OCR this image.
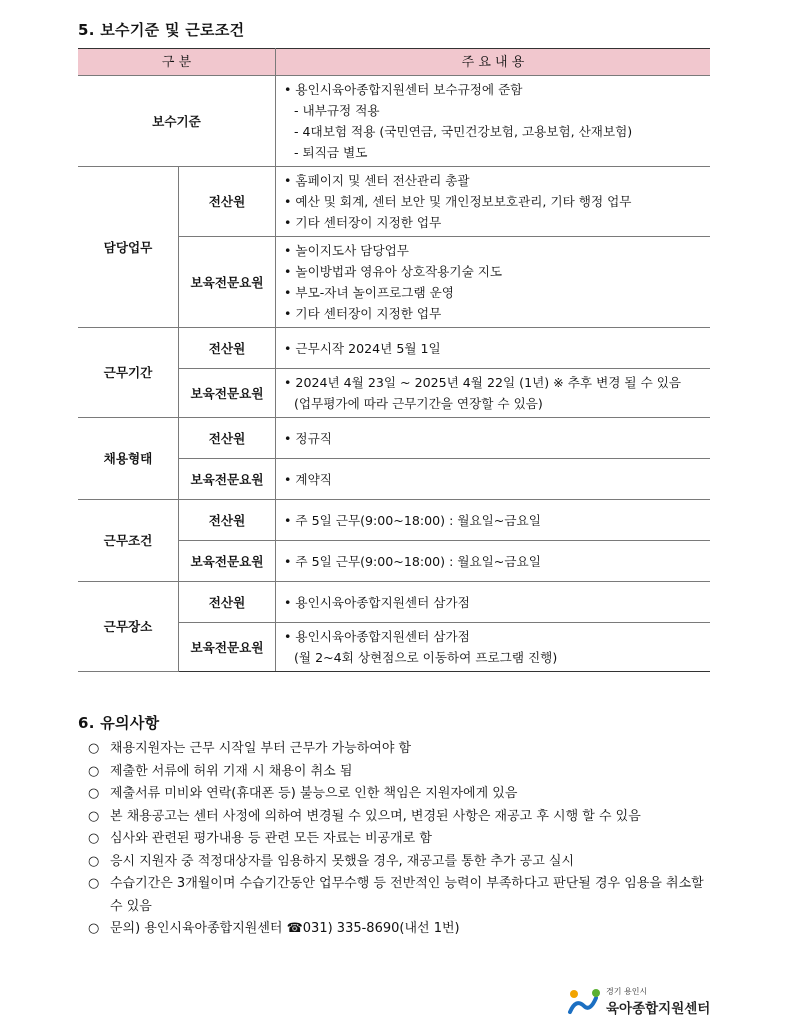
5. 보수기준 및 근로조건
구 분		주 요 내 용
보수기준		• 용인시육아종합지원센터 보수규정에 준함
- 내부규정 적용
- 4대보험 적용 (국민연금, 국민건강보험, 고용보험, 산재보험)
- 퇴직금 별도

담당업무	전산원	• 홈페이지 및 센터 전산관리 총괄
• 예산 및 회계, 센터 보안 및 개인정보보호관리, 기타 행정 업무
• 기타 센터장이 지정한 업무

	보육전문요원	• 놀이지도사 담당업무
• 놀이방법과 영유아 상호작용기술 지도
• 부모-자녀 놀이프로그램 운영
• 기타 센터장이 지정한 업무

근무기간	전산원	• 근무시작 2024년 5월 1일

	보육전문요원	• 2024년 4월 23일 ~ 2025년 4월 22일 (1년) ※ 추후 변경 될 수 있음
(업무평가에 따라 근무기간을 연장할 수 있음)

채용형태	전산원	• 정규직

	보육전문요원	• 계약직

근무조건	전산원	• 주 5일 근무(9:00~18:00) : 월요일~금요일

	보육전문요원	• 주 5일 근무(9:00~18:00) : 월요일~금요일

근무장소	전산원	• 용인시육아종합지원센터 삼가점

	보육전문요원	• 용인시육아종합지원센터 삼가점
(월 2~4회 상현점으로 이동하여 프로그램 진행)
6. 유의사항
○ 채용지원자는 근무 시작일 부터 근무가 가능하여야 함
○ 제출한 서류에 허위 기재 시 채용이 취소 됨
○ 제출서류 미비와 연락(휴대폰 등) 불능으로 인한 책임은 지원자에게 있음
○ 본 채용공고는 센터 사정에 의하여 변경될 수 있으며, 변경된 사항은 재공고 후 시행 할 수 있음
○ 심사와 관련된 평가내용 등 관련 모든 자료는 비공개로 함
○ 응시 지원자 중 적정대상자를 임용하지 못했을 경우, 재공고를 통한 추가 공고 실시
○ 수습기간은 3개월이며 수습기간동안 업무수행 등 전반적인 능력이 부족하다고 판단될 경우 임용을 취소할 수 있음
○ 문의) 용인시육아종합지원센터 ☎031) 335-8690(내선 1번)
경기 용인시
육아종합지원센터
